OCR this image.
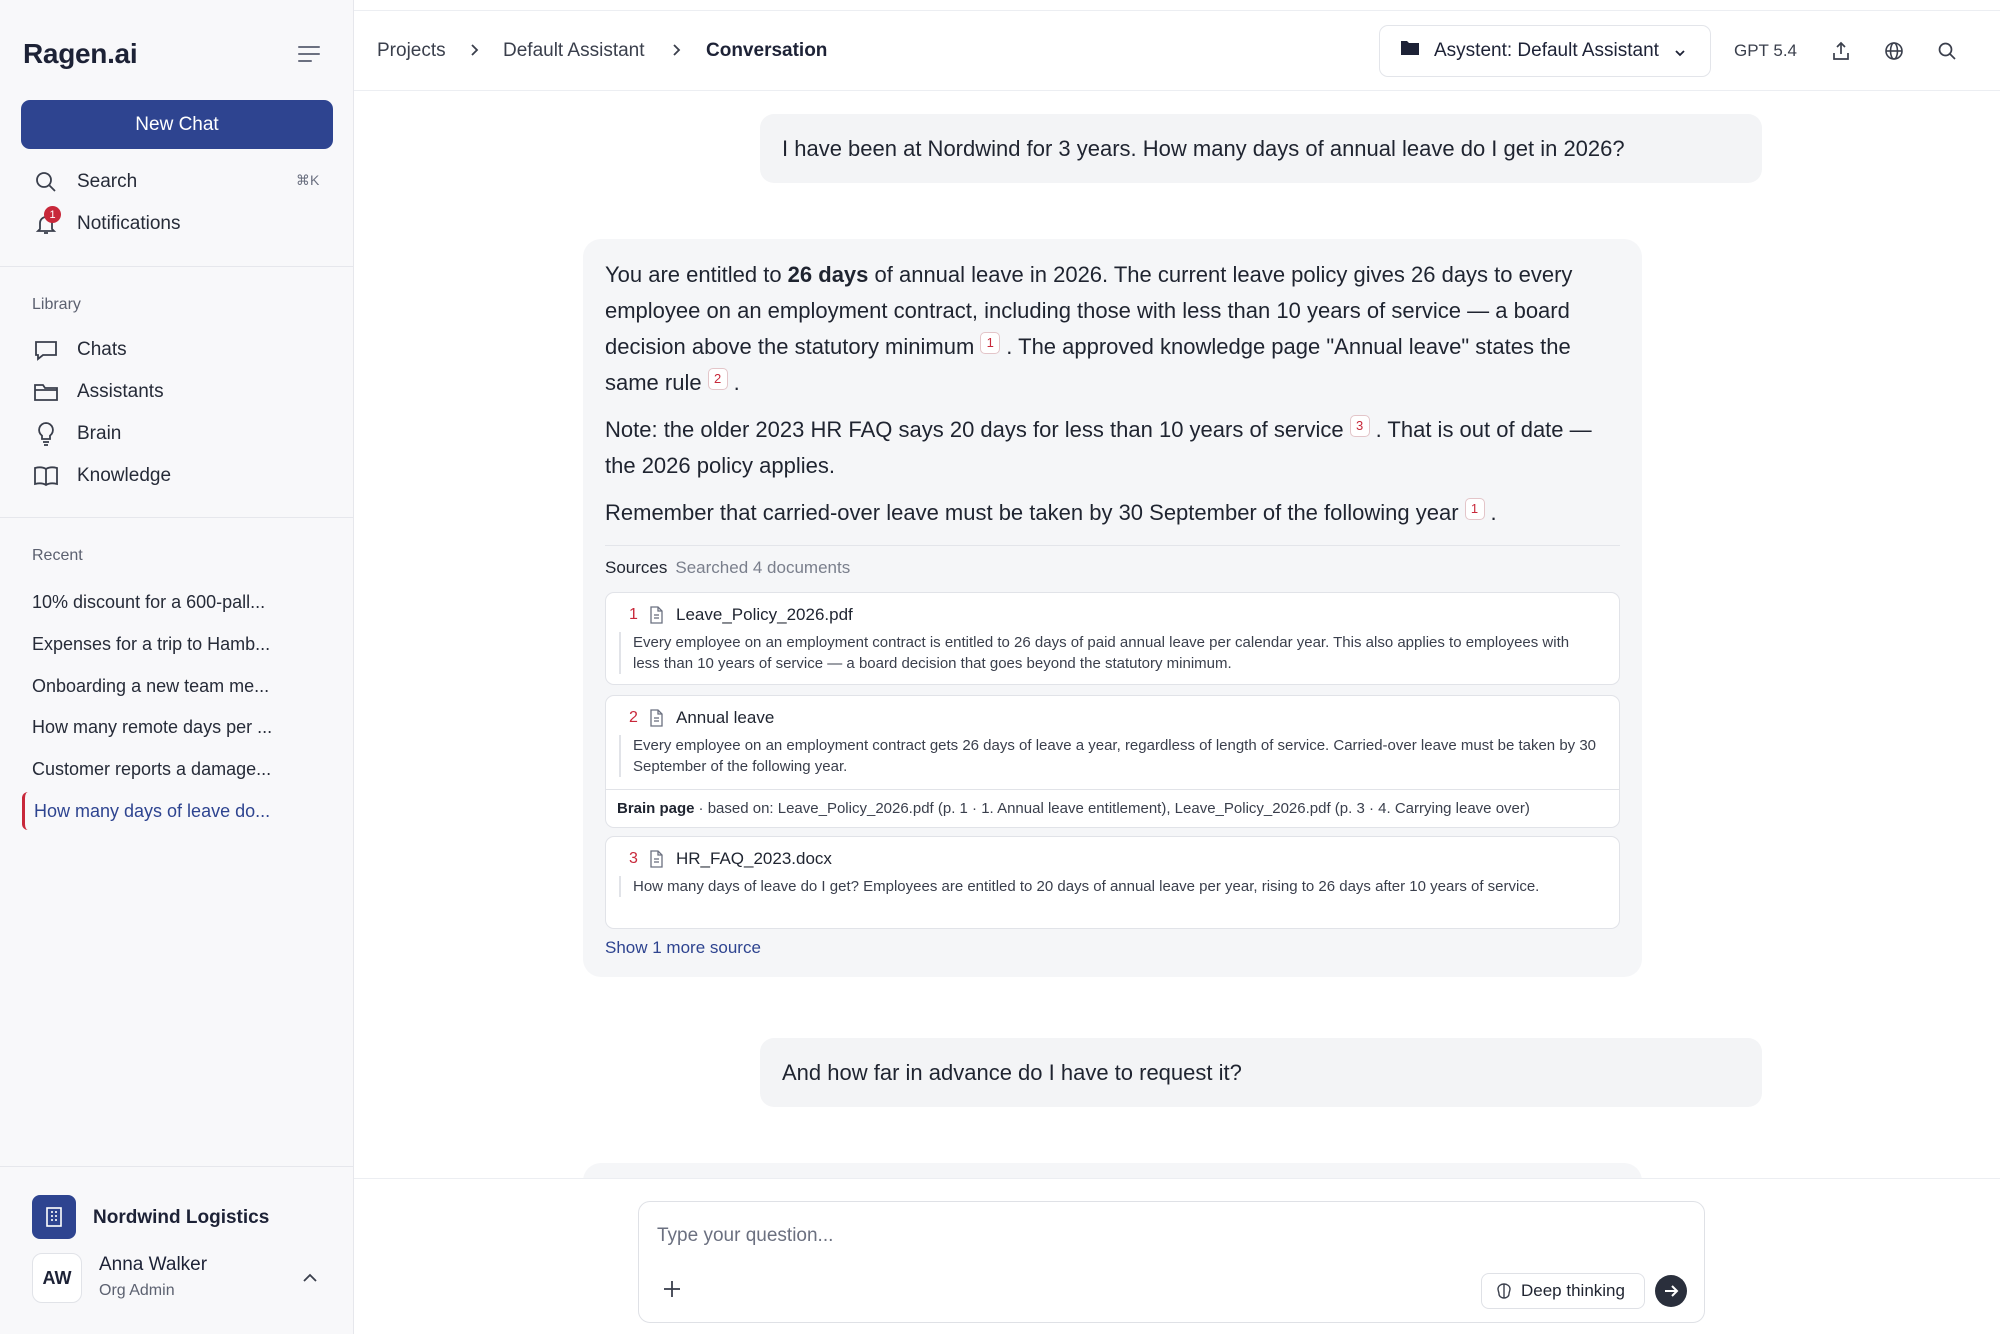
Ragen.ai
New Chat
Search	⌘K
1 Notifications
Library
Chats
Assistants
Brain
Knowledge
Recent
10% discount for a 600-pall...
Expenses for a trip to Hamb...
Onboarding a new team me...
How many remote days per ...
Customer reports a damage...
How many days of leave do...
Nordwind Logistics
AW
Anna Walker
Org Admin
Projects	Default Assistant	Conversation	Asystent: Default Assistant	GPT 5.4
I have been at Nordwind for 3 years. How many days of annual leave do I get in 2026?

You are entitled to 26 days of annual leave in 2026. The current leave policy gives 26 days to every employee on an employment contract, including those with less than 10 years of service — a board decision above the statutory minimum 1 . The approved knowledge page "Annual leave" states the same rule 2 .

Note: the older 2023 HR FAQ says 20 days for less than 10 years of service 3 . That is out of date — the 2026 policy applies.

Remember that carried-over leave must be taken by 30 September of the following year 1 .

Sources Searched 4 documents
1 Leave_Policy_2026.pdf
Every employee on an employment contract is entitled to 26 days of paid annual leave per calendar year. This also applies to employees with less than 10 years of service — a board decision that goes beyond the statutory minimum.
2 Annual leave
Every employee on an employment contract gets 26 days of leave a year, regardless of length of service. Carried-over leave must be taken by 30 September of the following year.
Brain page · based on: Leave_Policy_2026.pdf (p. 1 · 1. Annual leave entitlement), Leave_Policy_2026.pdf (p. 3 · 4. Carrying leave over)
3 HR_FAQ_2023.docx
How many days of leave do I get? Employees are entitled to 20 days of annual leave per year, rising to 26 days after 10 years of service.
Show 1 more source
And how far in advance do I have to request it?
Type your question...
Deep thinking
